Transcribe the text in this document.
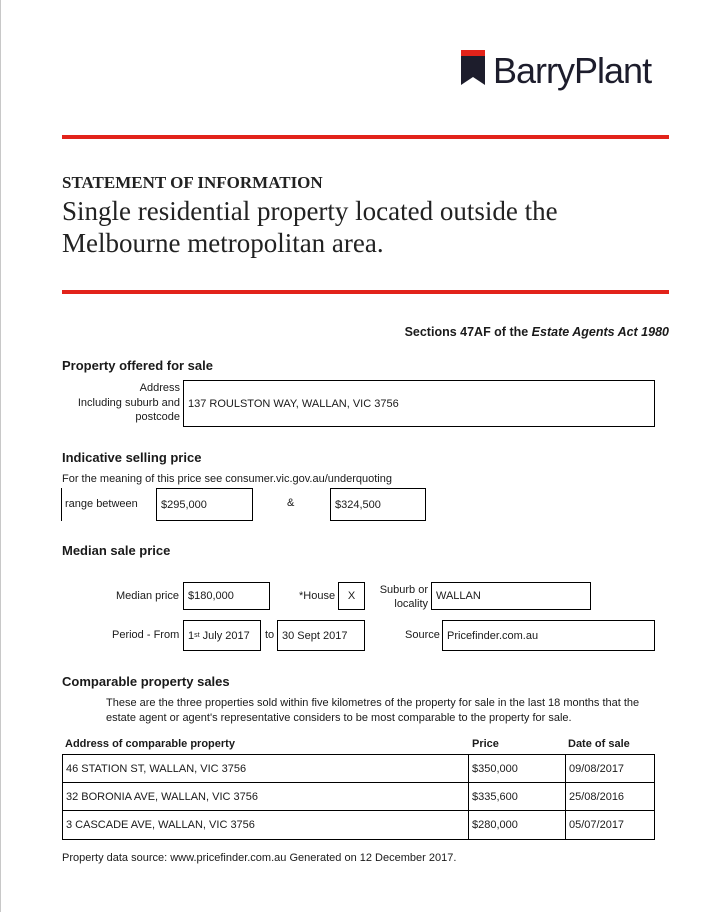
BarryPlant
STATEMENT OF INFORMATION
Single residential property located outside the Melbourne metropolitan area.
Sections 47AF of the Estate Agents Act 1980
Property offered for sale
Address
Including suburb and
postcode
137 ROULSTON WAY, WALLAN, VIC 3756
Indicative selling price
For the meaning of this price see consumer.vic.gov.au/underquoting
range between	$295,000	&	$324,500
Median sale price
Median price $180,000	*House	X	Suburb or
locality
WALLAN
Period - From 1 st July 2017 to 30 Sept 2017	Source Pricefinder.com.au
Comparable property sales
These are the three properties sold within five kilometres of the property for sale in the last 18 months that the estate agent or agent's representative considers to be most comparable to the property for sale.
Address of comparable property	Price	Date of sale
46 STATION ST, WALLAN, VIC 3756	$350,000	09/08/2017
32 BORONIA AVE, WALLAN, VIC 3756	$335,600	25/08/2016
3 CASCADE AVE, WALLAN, VIC 3756	$280,000	05/07/2017
Property data source: www.pricefinder.com.au Generated on 12 December 2017.
